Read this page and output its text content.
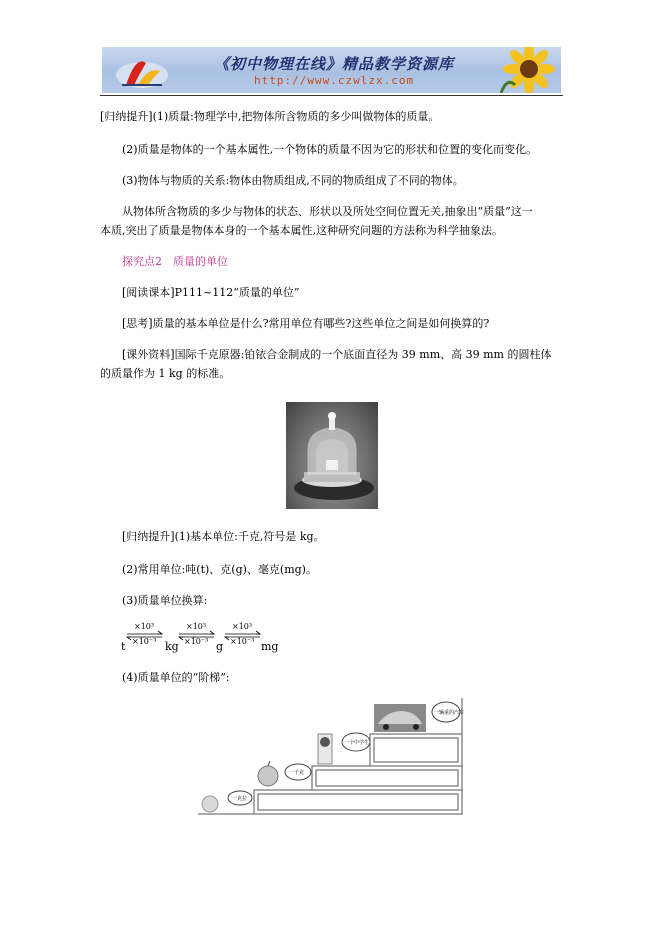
《初中物理在线》精品教学资源库
http://www.czwlzx.com
[归纳提升](1)质量:物理学中,把物体所含物质的多少叫做物体的质量。
(2)质量是物体的一个基本属性,一个物体的质量不因为它的形状和位置的变化而变化。
(3)物体与物质的关系:物体由物质组成,不同的物质组成了不同的物体。
从物体所含物质的多少与物体的状态、形状以及所处空间位置无关,抽象出“质量”这一
本质,突出了质量是物体本身的一个基本属性,这种研究问题的方法称为科学抽象法。
探究点2　质量的单位
[阅读课本]P111~112“质量的单位”
[思考]质量的基本单位是什么?常用单位有哪些?这些单位之间是如何换算的?
[课外资料]国际千克原器:铂铱合金制成的一个底面直径为 39 mm、高 39 mm 的圆柱体
的质量作为 1 kg 的标准。
[归纳提升](1)基本单位:千克,符号是 kg。
(2)常用单位:吨(t)、克(g)、毫克(mg)。
(3)质量单位换算:
t	kg	g	mg
×10³
×10⁻³
×10³
×10⁻³
×10³
×10⁻³
(4)质量单位的“阶梯”:
一克拉
一千克
一个中学生
一辆重的汽车
